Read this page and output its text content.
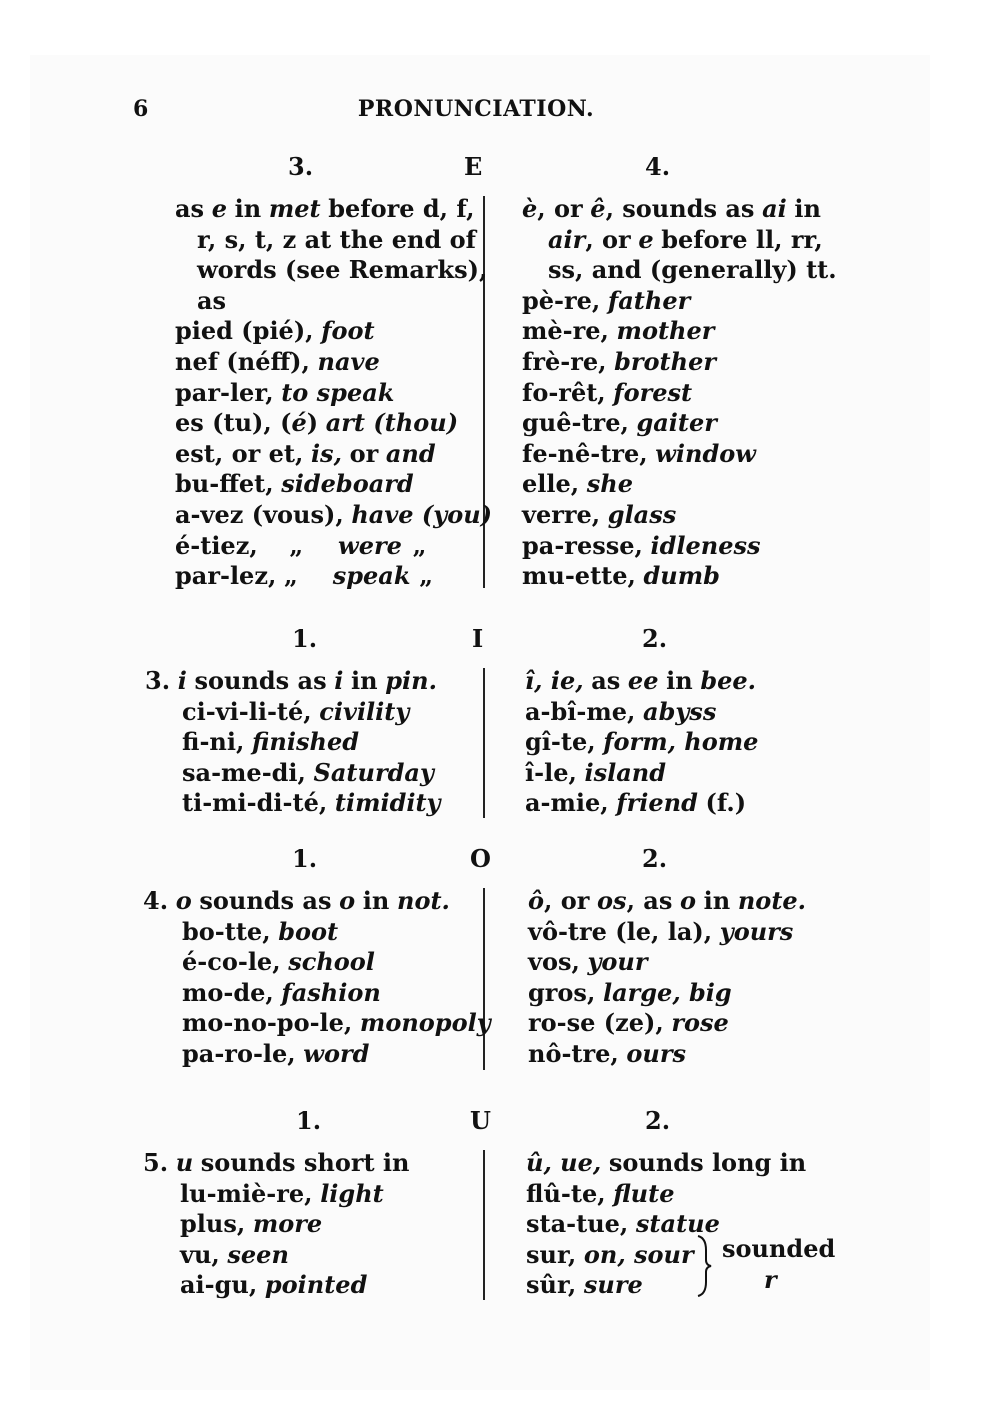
6	PRONUNCIATION.
3.	E	4.
as e in met before d, f,
r, s, t, z at the end of
words (see Remarks),
as
pied (pié), foot
nef (néff), nave
par-ler, to speak
es (tu), (é) art (thou)
est, or et, is, or and
bu-ffet, sideboard
a-vez (vous), have (you)
é-tiez, „ were „
par-lez, „ speak „
è, or ê, sounds as ai in
air, or e before ll, rr,
ss, and (generally) tt.
pè-re, father
mè-re, mother
frè-re, brother
fo-rêt, forest
guê-tre, gaiter
fe-nê-tre, window
elle, she
verre, glass
pa-resse, idleness
mu-ette, dumb
1.	I	2.
3. i sounds as i in pin.
ci-vi-li-té, civility
fi-ni, finished
sa-me-di, Saturday
ti-mi-di-té, timidity
î, ie, as ee in bee.
a-bî-me, abyss
gî-te, form, home
î-le, island
a-mie, friend (f.)
1.	O	2.
4. o sounds as o in not.
bo-tte, boot
é-co-le, school
mo-de, fashion
mo-no-po-le, monopoly
pa-ro-le, word
ô, or os, as o in note.
vô-tre (le, la), yours
vos, your
gros, large, big
ro-se (ze), rose
nô-tre, ours
1.	U	2.
5. u sounds short in
lu-miè-re, light
plus, more
vu, seen
ai-gu, pointed
û, ue, sounds long in
flû-te, flute
sta-tue, statue
sur, on, sour
sûr, sure
sounded
r
